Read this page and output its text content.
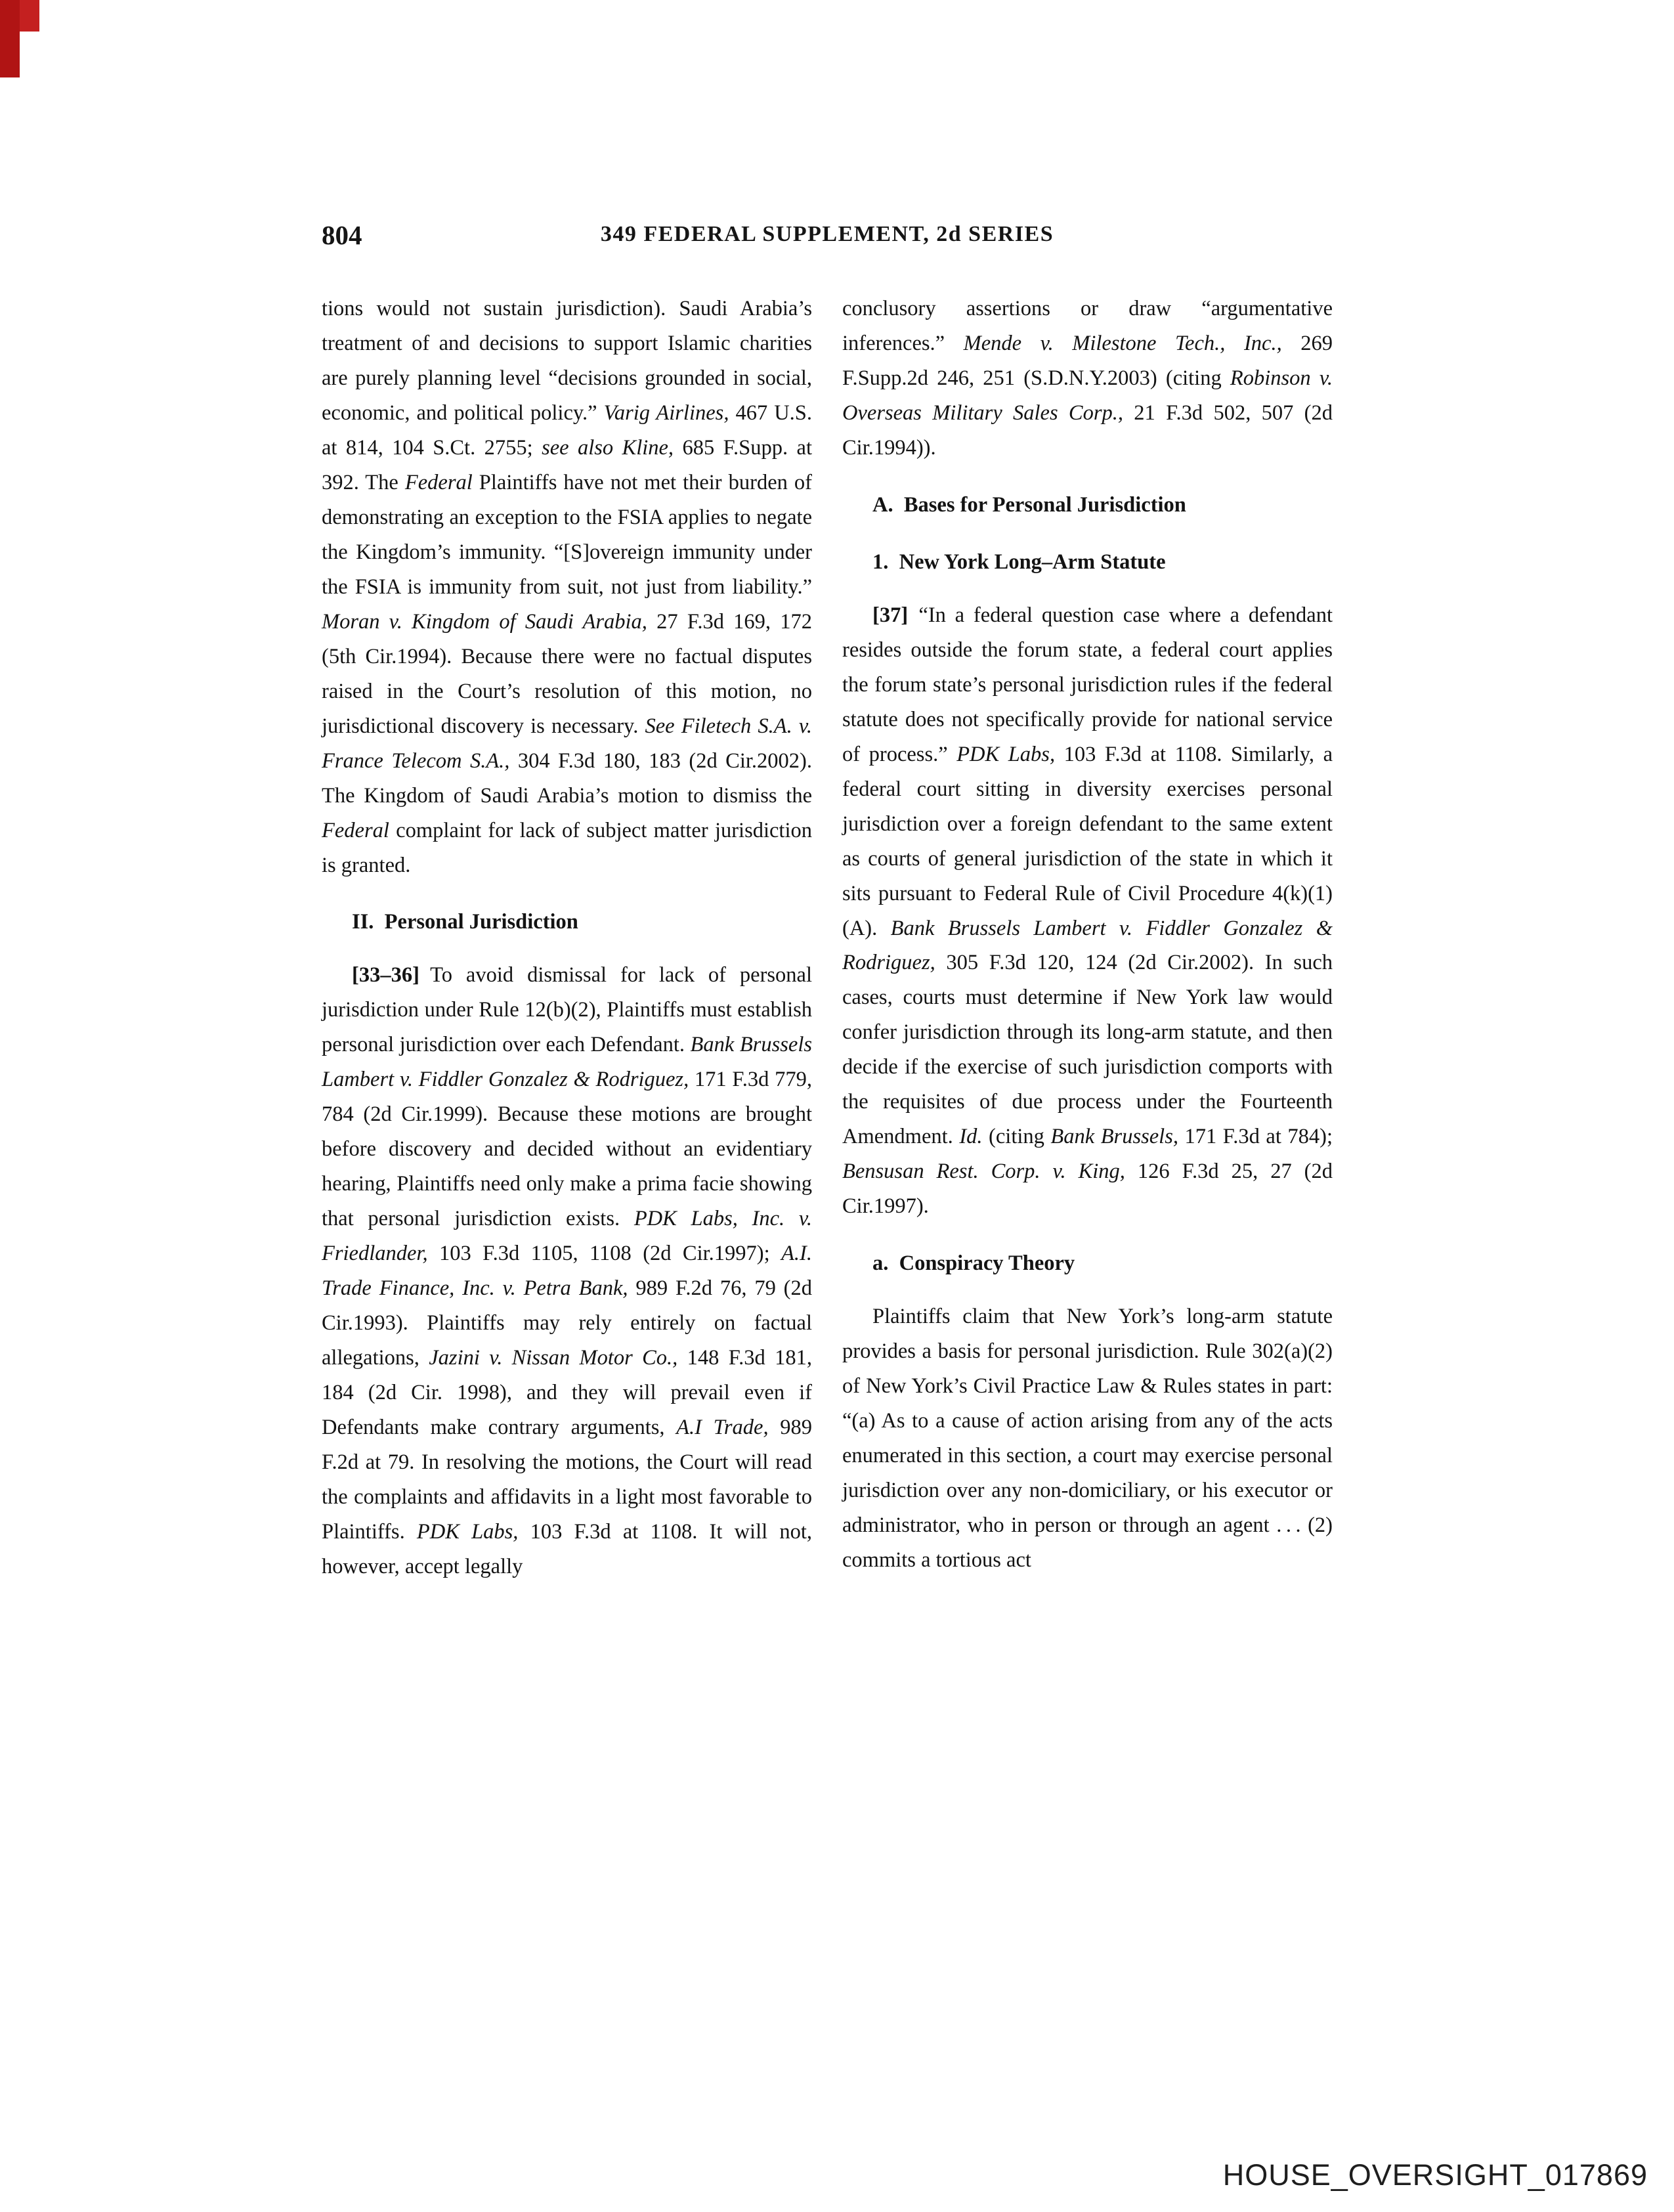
804	349 FEDERAL SUPPLEMENT, 2d SERIES

tions would not sustain jurisdiction). Saudi Arabia’s treatment of and decisions to support Islamic charities are purely planning level “decisions grounded in social, economic, and political policy.” Varig Airlines, 467 U.S. at 814, 104 S.Ct. 2755; see also Kline, 685 F.Supp. at 392. The Federal Plaintiffs have not met their burden of demonstrating an exception to the FSIA applies to negate the Kingdom’s immunity. “[S]overeign immunity under the FSIA is immunity from suit, not just from liability.” Moran v. Kingdom of Saudi Arabia, 27 F.3d 169, 172 (5th Cir.1994). Because there were no factual disputes raised in the Court’s resolution of this motion, no jurisdictional discovery is necessary. See Filetech S.A. v. France Telecom S.A., 304 F.3d 180, 183 (2d Cir.2002). The Kingdom of Saudi Arabia’s motion to dismiss the Federal complaint for lack of subject matter jurisdiction is granted.

II. Personal Jurisdiction

[33–36] To avoid dismissal for lack of personal jurisdiction under Rule 12(b)(2), Plaintiffs must establish personal jurisdiction over each Defendant. Bank Brussels Lambert v. Fiddler Gonzalez & Rodriguez, 171 F.3d 779, 784 (2d Cir.1999). Because these motions are brought before discovery and decided without an evidentiary hearing, Plaintiffs need only make a prima facie showing that personal jurisdiction exists. PDK Labs, Inc. v. Friedlander, 103 F.3d 1105, 1108 (2d Cir.1997); A.I. Trade Finance, Inc. v. Petra Bank, 989 F.2d 76, 79 (2d Cir.1993). Plaintiffs may rely entirely on factual allegations, Jazini v. Nissan Motor Co., 148 F.3d 181, 184 (2d Cir. 1998), and they will prevail even if Defendants make contrary arguments, A.I Trade, 989 F.2d at 79. In resolving the motions, the Court will read the complaints and affidavits in a light most favorable to Plaintiffs. PDK Labs, 103 F.3d at 1108. It will not, however, accept legally

conclusory assertions or draw “argumentative inferences.” Mende v. Milestone Tech., Inc., 269 F.Supp.2d 246, 251 (S.D.N.Y.2003) (citing Robinson v. Overseas Military Sales Corp., 21 F.3d 502, 507 (2d Cir.1994)).

A. Bases for Personal Jurisdiction
1. New York Long–Arm Statute

[37] “In a federal question case where a defendant resides outside the forum state, a federal court applies the forum state’s personal jurisdiction rules if the federal statute does not specifically provide for national service of process.” PDK Labs, 103 F.3d at 1108. Similarly, a federal court sitting in diversity exercises personal jurisdiction over a foreign defendant to the same extent as courts of general jurisdiction of the state in which it sits pursuant to Federal Rule of Civil Procedure 4(k)(1)(A). Bank Brussels Lambert v. Fiddler Gonzalez & Rodriguez, 305 F.3d 120, 124 (2d Cir.2002). In such cases, courts must determine if New York law would confer jurisdiction through its long-arm statute, and then decide if the exercise of such jurisdiction comports with the requisites of due process under the Fourteenth Amendment. Id. (citing Bank Brussels, 171 F.3d at 784); Bensusan Rest. Corp. v. King, 126 F.3d 25, 27 (2d Cir.1997).

a. Conspiracy Theory

Plaintiffs claim that New York’s long-arm statute provides a basis for personal jurisdiction. Rule 302(a)(2) of New York’s Civil Practice Law & Rules states in part: “(a) As to a cause of action arising from any of the acts enumerated in this section, a court may exercise personal jurisdiction over any non-domiciliary, or his executor or administrator, who in person or through an agent . . . (2) commits a tortious act

HOUSE_OVERSIGHT_017869
